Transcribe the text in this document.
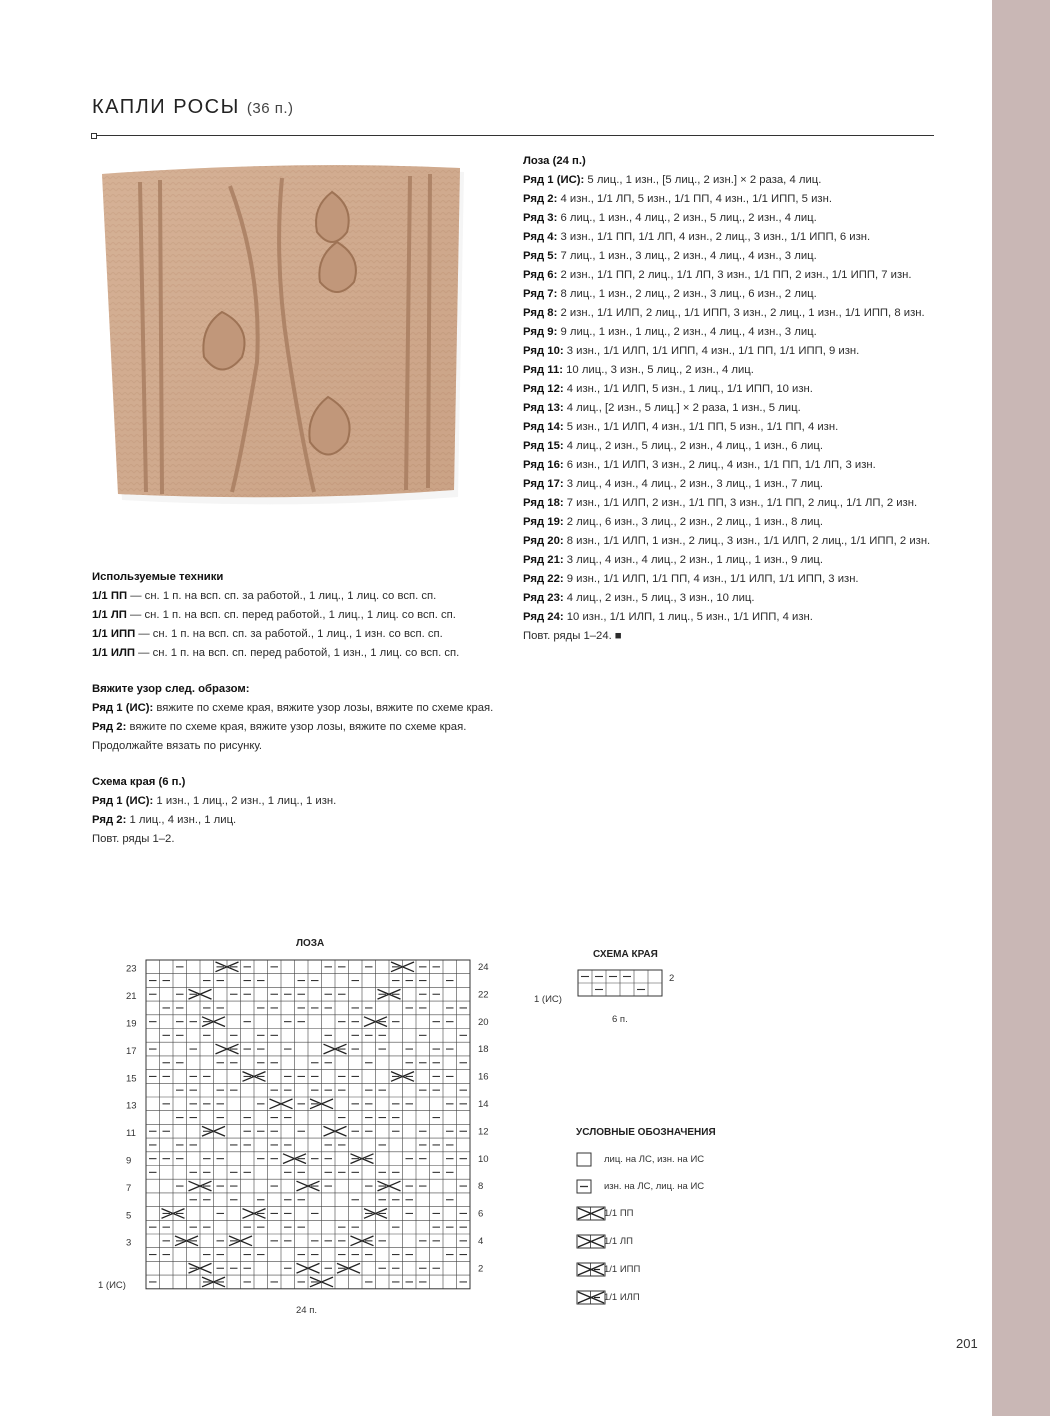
КАПЛИ РОСЫ (36 п.)

Используемые техники

1/1 ПП — сн. 1 п. на всп. сп. за работой., 1 лиц., 1 лиц. со всп. сп.

1/1 ЛП — сн. 1 п. на всп. сп. перед работой., 1 лиц., 1 лиц. со всп. сп.

1/1 ИПП — сн. 1 п. на всп. сп. за работой., 1 лиц., 1 изн. со всп. сп.

1/1 ИЛП — сн. 1 п. на всп. сп. перед работой, 1 изн., 1 лиц. со всп. сп.

Вяжите узор след. образом:

Ряд 1 (ИС): вяжите по схеме края, вяжите узор лозы, вяжите по схеме края.

Ряд 2: вяжите по схеме края, вяжите узор лозы, вяжите по схеме края.

Продолжайте вязать по рисунку.

Схема края (6 п.)

Ряд 1 (ИС): 1 изн., 1 лиц., 2 изн., 1 лиц., 1 изн.

Ряд 2: 1 лиц., 4 изн., 1 лиц.

Повт. ряды 1–2.

Лоза (24 п.)

Ряд 1 (ИС): 5 лиц., 1 изн., [5 лиц., 2 изн.] × 2 раза, 4 лиц.

Ряд 2: 4 изн., 1/1 ЛП, 5 изн., 1/1 ПП, 4 изн., 1/1 ИПП, 5 изн.

Ряд 3: 6 лиц., 1 изн., 4 лиц., 2 изн., 5 лиц., 2 изн., 4 лиц.

Ряд 4: 3 изн., 1/1 ПП, 1/1 ЛП, 4 изн., 2 лиц., 3 изн., 1/1 ИПП, 6 изн.

Ряд 5: 7 лиц., 1 изн., 3 лиц., 2 изн., 4 лиц., 4 изн., 3 лиц.

Ряд 6: 2 изн., 1/1 ПП, 2 лиц., 1/1 ЛП, 3 изн., 1/1 ПП, 2 изн., 1/1 ИПП, 7 изн.

Ряд 7: 8 лиц., 1 изн., 2 лиц., 2 изн., 3 лиц., 6 изн., 2 лиц.

Ряд 8: 2 изн., 1/1 ИЛП, 2 лиц., 1/1 ИПП, 3 изн., 2 лиц., 1 изн., 1/1 ИПП, 8 изн.

Ряд 9: 9 лиц., 1 изн., 1 лиц., 2 изн., 4 лиц., 4 изн., 3 лиц.

Ряд 10: 3 изн., 1/1 ИЛП, 1/1 ИПП, 4 изн., 1/1 ПП, 1/1 ИПП, 9 изн.

Ряд 11: 10 лиц., 3 изн., 5 лиц., 2 изн., 4 лиц.

Ряд 12: 4 изн., 1/1 ИЛП, 5 изн., 1 лиц., 1/1 ИПП, 10 изн.

Ряд 13: 4 лиц., [2 изн., 5 лиц.] × 2 раза, 1 изн., 5 лиц.

Ряд 14: 5 изн., 1/1 ИЛП, 4 изн., 1/1 ПП, 5 изн., 1/1 ПП, 4 изн.

Ряд 15: 4 лиц., 2 изн., 5 лиц., 2 изн., 4 лиц., 1 изн., 6 лиц.

Ряд 16: 6 изн., 1/1 ИЛП, 3 изн., 2 лиц., 4 изн., 1/1 ПП, 1/1 ЛП, 3 изн.

Ряд 17: 3 лиц., 4 изн., 4 лиц., 2 изн., 3 лиц., 1 изн., 7 лиц.

Ряд 18: 7 изн., 1/1 ИЛП, 2 изн., 1/1 ПП, 3 изн., 1/1 ПП, 2 лиц., 1/1 ЛП, 2 изн.

Ряд 19: 2 лиц., 6 изн., 3 лиц., 2 изн., 2 лиц., 1 изн., 8 лиц.

Ряд 20: 8 изн., 1/1 ИЛП, 1 изн., 2 лиц., 3 изн., 1/1 ИЛП, 2 лиц., 1/1 ИПП, 2 изн.

Ряд 21: 3 лиц., 4 изн., 4 лиц., 2 изн., 1 лиц., 1 изн., 9 лиц.

Ряд 22: 9 изн., 1/1 ИЛП, 1/1 ПП, 4 изн., 1/1 ИЛП, 1/1 ИПП, 3 изн.

Ряд 23: 4 лиц., 2 изн., 5 лиц., 3 изн., 10 лиц.

Ряд 24: 10 изн., 1/1 ИЛП, 1 лиц., 5 изн., 1/1 ИПП, 4 изн.

Повт. ряды 1–24. ■

ЛОЗА
2
4
6
8
10
12
14
16
18
20
22
24
3
5
7
9
11
13
15
17
19
21
23
1 (ИС)
24 п.
СХЕМА КРАЯ
2
1 (ИС)
6 п.
УСЛОВНЫЕ ОБОЗНАЧЕНИЯ
лиц. на ЛС, изн. на ИС
изн. на ЛС, лиц. на ИС
1/1 ПП
1/1 ЛП
1/1 ИПП
1/1 ИЛП
201
